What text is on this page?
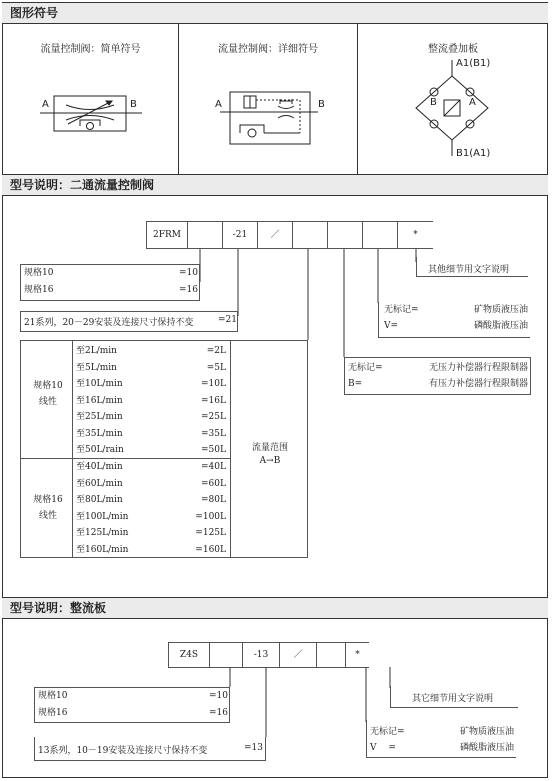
图形符号
流量控制阀：简单符号	流量控制阀：详细符号	整流叠加板
A	B	A	B
A1(B1)
B	A
B1(A1)
型号说明：二通流量控制阀
2FRM	-21	／	*
其他细节用文字说明
无标记=	矿物质液压油
V=	磷酸脂液压油
无标记=	无压力补偿器行程限制器
B=	有压力补偿器行程限制器
规格10	=10
规格16	=16
21系列，20－29安装及连接尺寸保持不变	=21
规格10
线性
规格16
线性
至2L/min	=2L
至5L/min	=5L
至10L/min	=10L
至16L/min	=16L
至25L/min	=25L
至35L/min	=35L
至50L/rain	=50L
至40L/min	=40L
至60L/min	=60L
至80L/min	=80L
至100L/min	=100L
至125L/min	=125L
至160L/min	=160L
流量范围
A→B
型号说明：整流板
Z4S	-13	／	*
其它细节用文字说明
无标记=	矿物质液压油
V　 =	磷酸脂液压油
规格10	=10
规格16	=16
13系列，10－19安装及连接尺寸保持不变	=13
